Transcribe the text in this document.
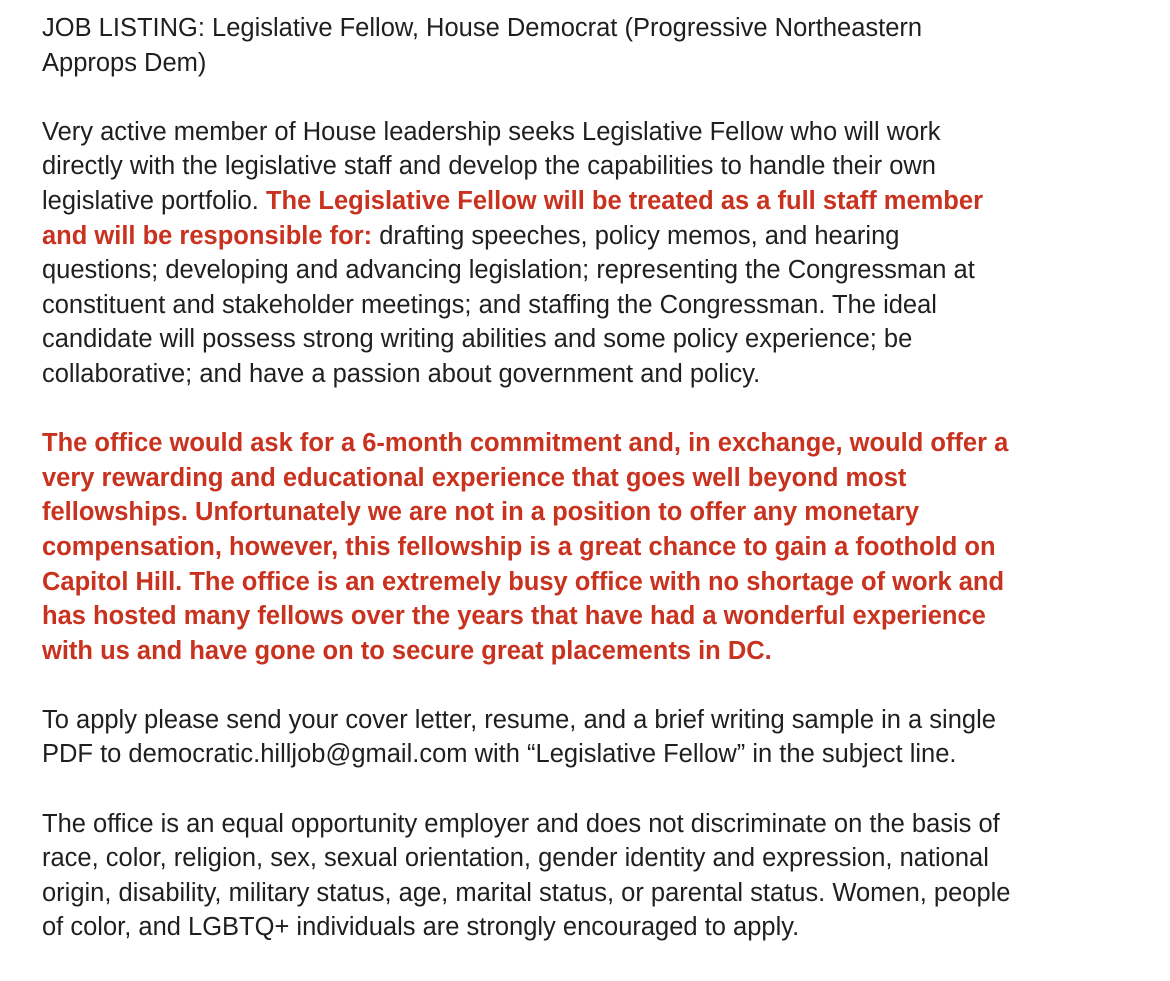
JOB LISTING: Legislative Fellow, House Democrat (Progressive Northeastern
Approps Dem)

Very active member of House leadership seeks Legislative Fellow who will work
directly with the legislative staff and develop the capabilities to handle their own
legislative portfolio. The Legislative Fellow will be treated as a full staff member
and will be responsible for: drafting speeches, policy memos, and hearing
questions; developing and advancing legislation; representing the Congressman at
constituent and stakeholder meetings; and staffing the Congressman. The ideal
candidate will possess strong writing abilities and some policy experience; be
collaborative; and have a passion about government and policy.

The office would ask for a 6-month commitment and, in exchange, would offer a
very rewarding and educational experience that goes well beyond most
fellowships. Unfortunately we are not in a position to offer any monetary
compensation, however, this fellowship is a great chance to gain a foothold on
Capitol Hill. The office is an extremely busy office with no shortage of work and
has hosted many fellows over the years that have had a wonderful experience
with us and have gone on to secure great placements in DC.

To apply please send your cover letter, resume, and a brief writing sample in a single
PDF to democratic.hilljob@gmail.com with “Legislative Fellow” in the subject line.

The office is an equal opportunity employer and does not discriminate on the basis of
race, color, religion, sex, sexual orientation, gender identity and expression, national
origin, disability, military status, age, marital status, or parental status. Women, people
of color, and LGBTQ+ individuals are strongly encouraged to apply.
